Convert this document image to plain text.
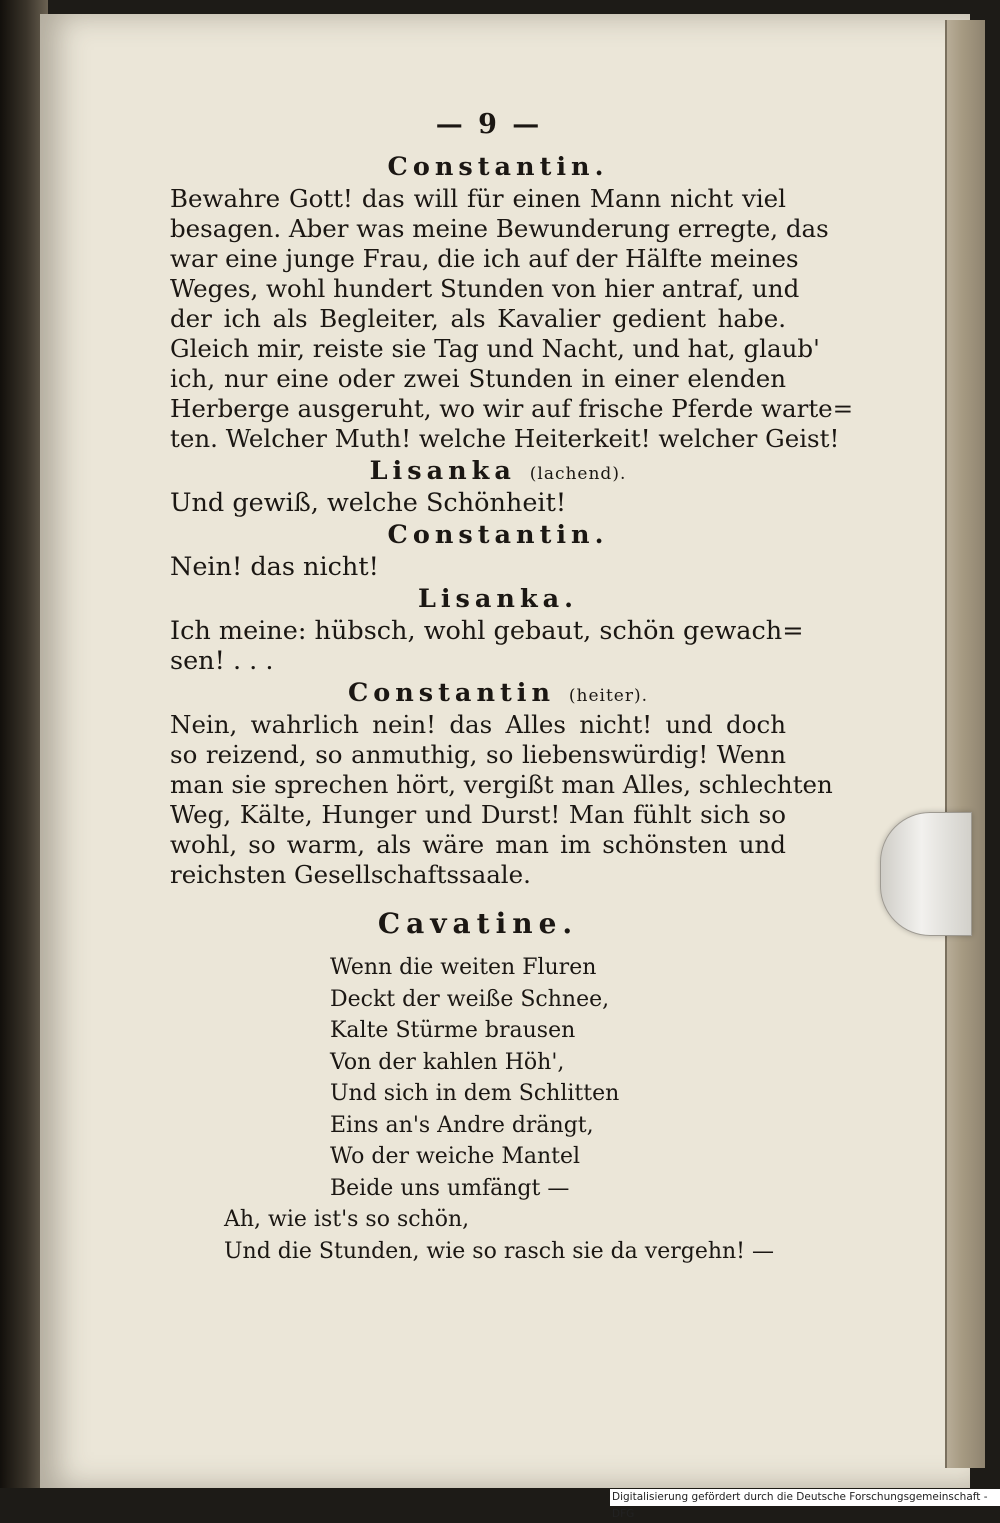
— 9 —
Constantin.
Bewahre Gott! das will für einen Mann nicht viel
besagen. Aber was meine Bewunderung erregte, das
war eine junge Frau, die ich auf der Hälfte meines
Weges, wohl hundert Stunden von hier antraf, und
der ich als Begleiter, als Kavalier gedient habe.
Gleich mir, reiste sie Tag und Nacht, und hat, glaub'
ich, nur eine oder zwei Stunden in einer elenden
Herberge ausgeruht, wo wir auf frische Pferde warte=
ten. Welcher Muth! welche Heiterkeit! welcher Geist!
Lisanka (lachend).
Und gewiß, welche Schönheit!
Constantin.
Nein! das nicht!
Lisanka.
Ich meine: hübsch, wohl gebaut, schön gewach=
sen! . . .
Constantin (heiter).
Nein, wahrlich nein! das Alles nicht! und doch
so reizend, so anmuthig, so liebenswürdig! Wenn
man sie sprechen hört, vergißt man Alles, schlechten
Weg, Kälte, Hunger und Durst! Man fühlt sich so
wohl, so warm, als wäre man im schönsten und
reichsten Gesellschaftssaale.
Cavatine.
Wenn die weiten Fluren
Deckt der weiße Schnee,
Kalte Stürme brausen
Von der kahlen Höh',
Und sich in dem Schlitten
Eins an's Andre drängt,
Wo der weiche Mantel
Beide uns umfängt —
Ah, wie ist's so schön,
Und die Stunden, wie so rasch sie da vergehn! —
Digitalisierung gefördert durch die Deutsche Forschungsgemeinschaft - DFG
